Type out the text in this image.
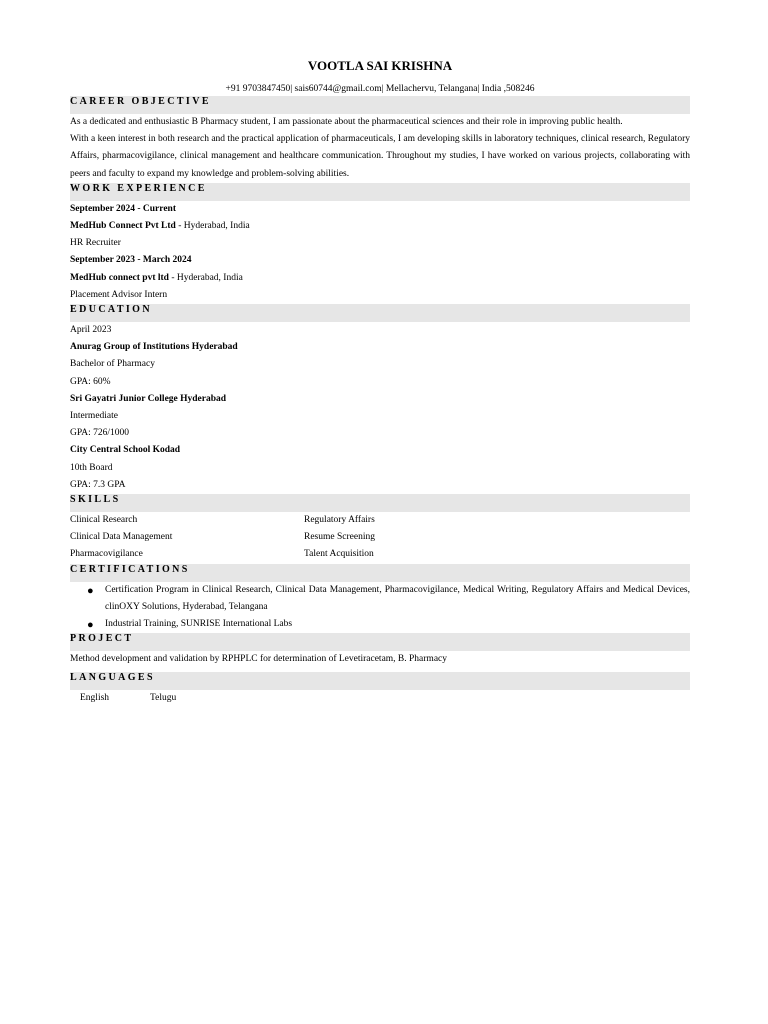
VOOTLA SAI KRISHNA
+91 9703847450| sais60744@gmail.com| Mellachervu, Telangana| India ,508246
CAREER OBJECTIVE

As a dedicated and enthusiastic B Pharmacy student, I am passionate about the pharmaceutical sciences and their role in improving public health.

With a keen interest in both research and the practical application of pharmaceuticals, I am developing skills in laboratory techniques, clinical research, Regulatory Affairs, pharmacovigilance, clinical management and healthcare communication. Throughout my studies, I have worked on various projects, collaborating with peers and faculty to expand my knowledge and problem-solving abilities.

WORK EXPERIENCE
September 2024 - Current
MedHub Connect Pvt Ltd - Hyderabad, India
HR Recruiter
September 2023 - March 2024
MedHub connect pvt ltd - Hyderabad, India
Placement Advisor Intern
EDUCATION
April 2023
Anurag Group of Institutions Hyderabad
Bachelor of Pharmacy
GPA: 60%
Sri Gayatri Junior College Hyderabad
Intermediate
GPA: 726/1000
City Central School Kodad
10th Board
GPA: 7.3 GPA
SKILLS
Clinical Research	Regulatory Affairs
Clinical Data Management	Resume Screening
Pharmacovigilance	Talent Acquisition
CERTIFICATIONS
● Certification Program in Clinical Research, Clinical Data Management, Pharmacovigilance, Medical Writing, Regulatory Affairs and Medical Devices, clinOXY Solutions, Hyderabad, Telangana
● Industrial Training, SUNRISE International Labs
PROJECT
Method development and validation by RPHPLC for determination of Levetiracetam, B. Pharmacy
LANGUAGES
English	Telugu
